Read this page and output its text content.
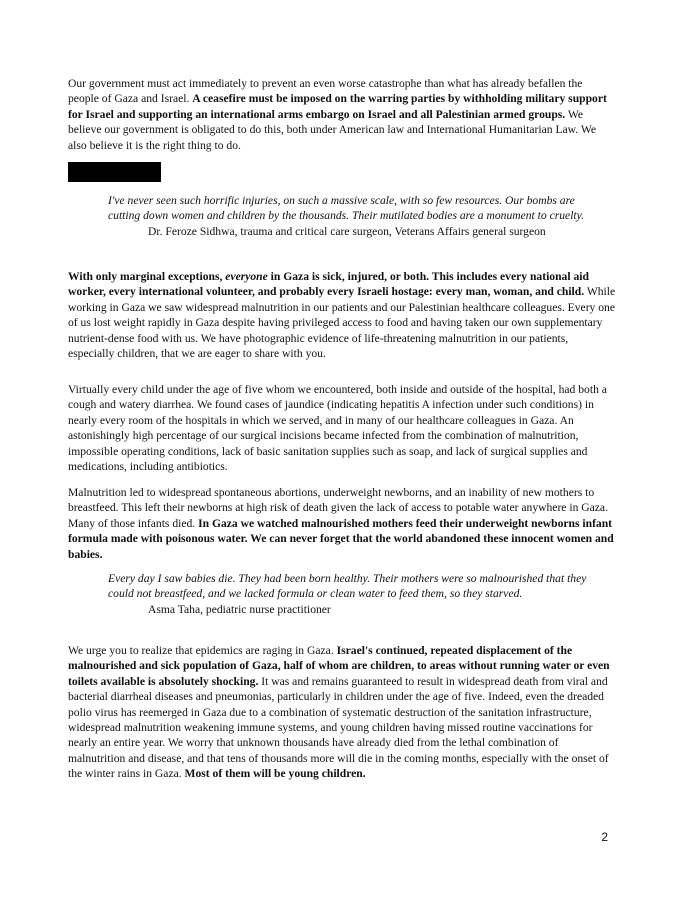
Our government must act immediately to prevent an even worse catastrophe than what has already befallen the people of Gaza and Israel. A ceasefire must be imposed on the warring parties by withholding military support for Israel and supporting an international arms embargo on Israel and all Palestinian armed groups. We believe our government is obligated to do this, both under American law and International Humanitarian Law. We also believe it is the right thing to do.

I've never seen such horrific injuries, on such a massive scale, with so few resources. Our bombs are cutting down women and children by the thousands. Their mutilated bodies are a monument to cruelty.
Dr. Feroze Sidhwa, trauma and critical care surgeon, Veterans Affairs general surgeon

With only marginal exceptions, everyone in Gaza is sick, injured, or both. This includes every national aid worker, every international volunteer, and probably every Israeli hostage: every man, woman, and child. While working in Gaza we saw widespread malnutrition in our patients and our Palestinian healthcare colleagues. Every one of us lost weight rapidly in Gaza despite having privileged access to food and having taken our own supplementary nutrient-dense food with us. We have photographic evidence of life-threatening malnutrition in our patients, especially children, that we are eager to share with you.

Virtually every child under the age of five whom we encountered, both inside and outside of the hospital, had both a cough and watery diarrhea. We found cases of jaundice (indicating hepatitis A infection under such conditions) in nearly every room of the hospitals in which we served, and in many of our healthcare colleagues in Gaza. An astonishingly high percentage of our surgical incisions became infected from the combination of malnutrition, impossible operating conditions, lack of basic sanitation supplies such as soap, and lack of surgical supplies and medications, including antibiotics.

Malnutrition led to widespread spontaneous abortions, underweight newborns, and an inability of new mothers to breastfeed. This left their newborns at high risk of death given the lack of access to potable water anywhere in Gaza. Many of those infants died. In Gaza we watched malnourished mothers feed their underweight newborns infant formula made with poisonous water. We can never forget that the world abandoned these innocent women and babies.

Every day I saw babies die. They had been born healthy. Their mothers were so malnourished that they could not breastfeed, and we lacked formula or clean water to feed them, so they starved.
Asma Taha, pediatric nurse practitioner

We urge you to realize that epidemics are raging in Gaza. Israel's continued, repeated displacement of the malnourished and sick population of Gaza, half of whom are children, to areas without running water or even toilets available is absolutely shocking. It was and remains guaranteed to result in widespread death from viral and bacterial diarrheal diseases and pneumonias, particularly in children under the age of five. Indeed, even the dreaded polio virus has reemerged in Gaza due to a combination of systematic destruction of the sanitation infrastructure, widespread malnutrition weakening immune systems, and young children having missed routine vaccinations for nearly an entire year. We worry that unknown thousands have already died from the lethal combination of malnutrition and disease, and that tens of thousands more will die in the coming months, especially with the onset of the winter rains in Gaza. Most of them will be young children.

2
